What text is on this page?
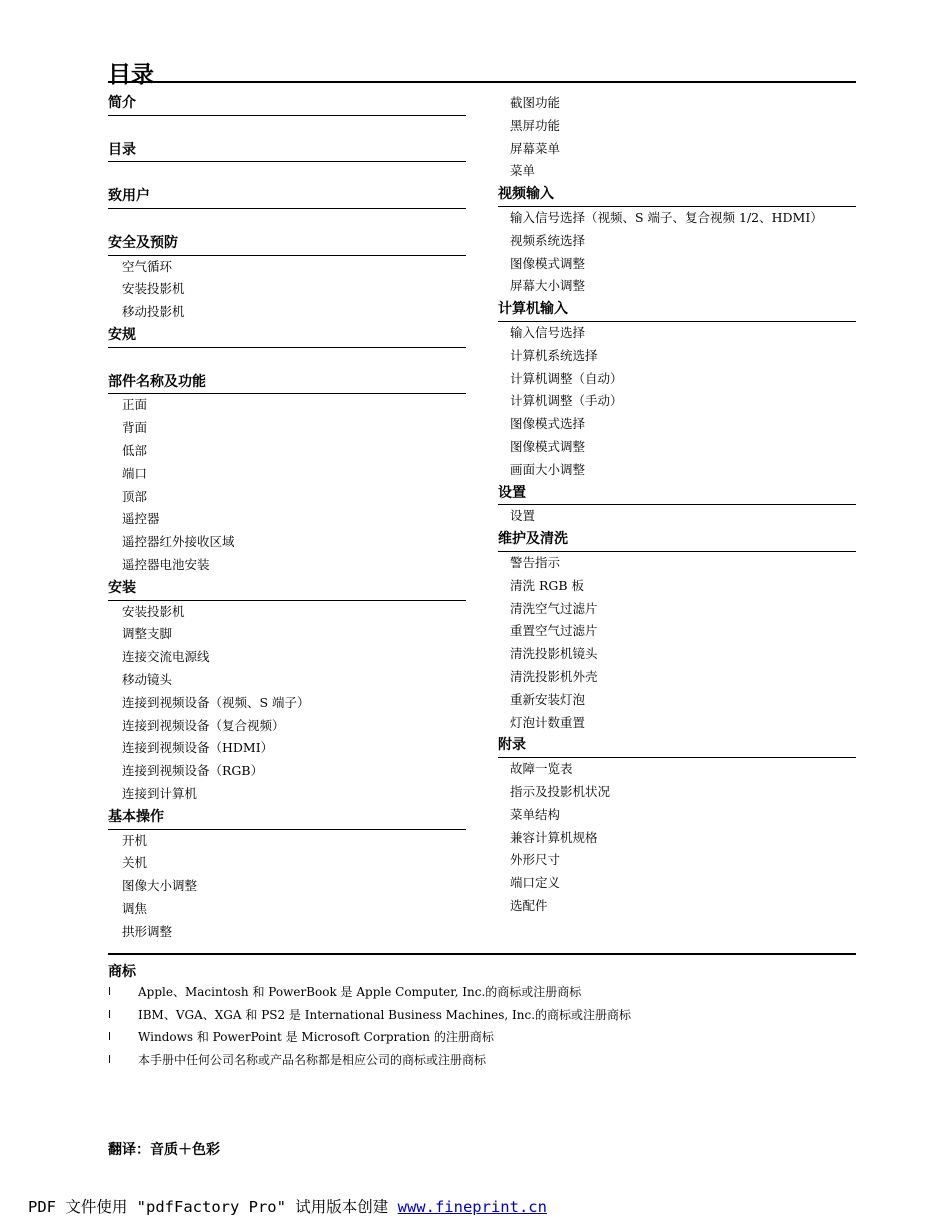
目录
简介
目录
致用户
安全及预防
空气循环
安装投影机
移动投影机
安规
部件名称及功能
正面
背面
低部
端口
顶部
遥控器
遥控器红外接收区域
遥控器电池安装
安装
安装投影机
调整支脚
连接交流电源线
移动镜头
连接到视频设备（视频、S 端子）
连接到视频设备（复合视频）
连接到视频设备（HDMI）
连接到视频设备（RGB）
连接到计算机
基本操作
开机
关机
图像大小调整
调焦
拱形调整
截图功能
黑屏功能
屏幕菜单
菜单
视频输入
输入信号选择（视频、S 端子、复合视频 1/2、HDMI）
视频系统选择
图像模式调整
屏幕大小调整
计算机输入
输入信号选择
计算机系统选择
计算机调整（自动）
计算机调整（手动）
图像模式选择
图像模式调整
画面大小调整
设置
设置
维护及清洗
警告指示
清洗 RGB 板
清洗空气过滤片
重置空气过滤片
清洗投影机镜头
清洗投影机外壳
重新安装灯泡
灯泡计数重置
附录
故障一览表
指示及投影机状况
菜单结构
兼容计算机规格
外形尺寸
端口定义
选配件
商标
l	Apple、Macintosh 和 PowerBook 是 Apple Computer, Inc.的商标或注册商标
l	IBM、VGA、XGA 和 PS2 是 International Business Machines, Inc.的商标或注册商标
l	Windows 和 PowerPoint 是 Microsoft Corpration 的注册商标
l	本手册中任何公司名称或产品名称都是相应公司的商标或注册商标
翻译：音质＋色彩
PDF 文件使用 "pdfFactory Pro" 试用版本创建 www.fineprint.cn
